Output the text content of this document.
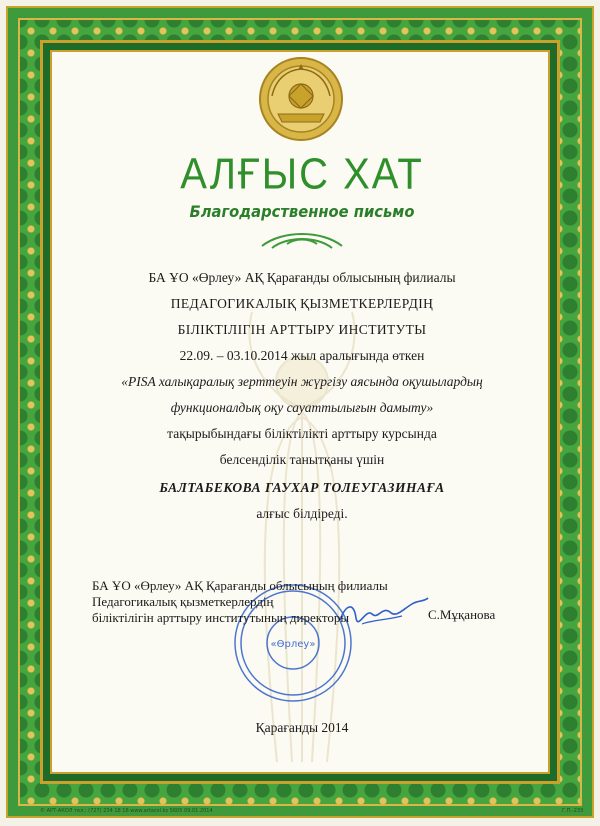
АЛҒЫС ХАТ
Благодарственное письмо
БА ҰО «Өрлеу» АҚ Қарағанды облысының филиалы
ПЕДАГОГИКАЛЫҚ ҚЫЗМЕТКЕРЛЕРДІҢ
БІЛІКТІЛІГІН АРТТЫРУ ИНСТИТУТЫ
22.09. – 03.10.2014 жыл аралығында өткен
«PISA халықаралық зерттеуін жүргізу аясында оқушылардың
функционалдық оқу сауаттылығын дамыту»
тақырыбындағы біліктілікті арттыру курсында
белсенділік танытқаны үшін
БАЛТАБЕКОВА ГАУХАР ТОЛЕУГАЗИНАҒА
алғыс білдіреді.
«Өрлеу»
БА ҰО «Өрлеу» АҚ Қарағанды облысының филиалы
Педагогикалық қызметкерлердің
біліктілігін арттыру институтының директоры	С.Мұқанова
Қарағанды 2014
© АРТ-АКОЛ тел.: (727) 234 18 16 www.artacol.kz 5605 09.01.2014	Г.П.-233
